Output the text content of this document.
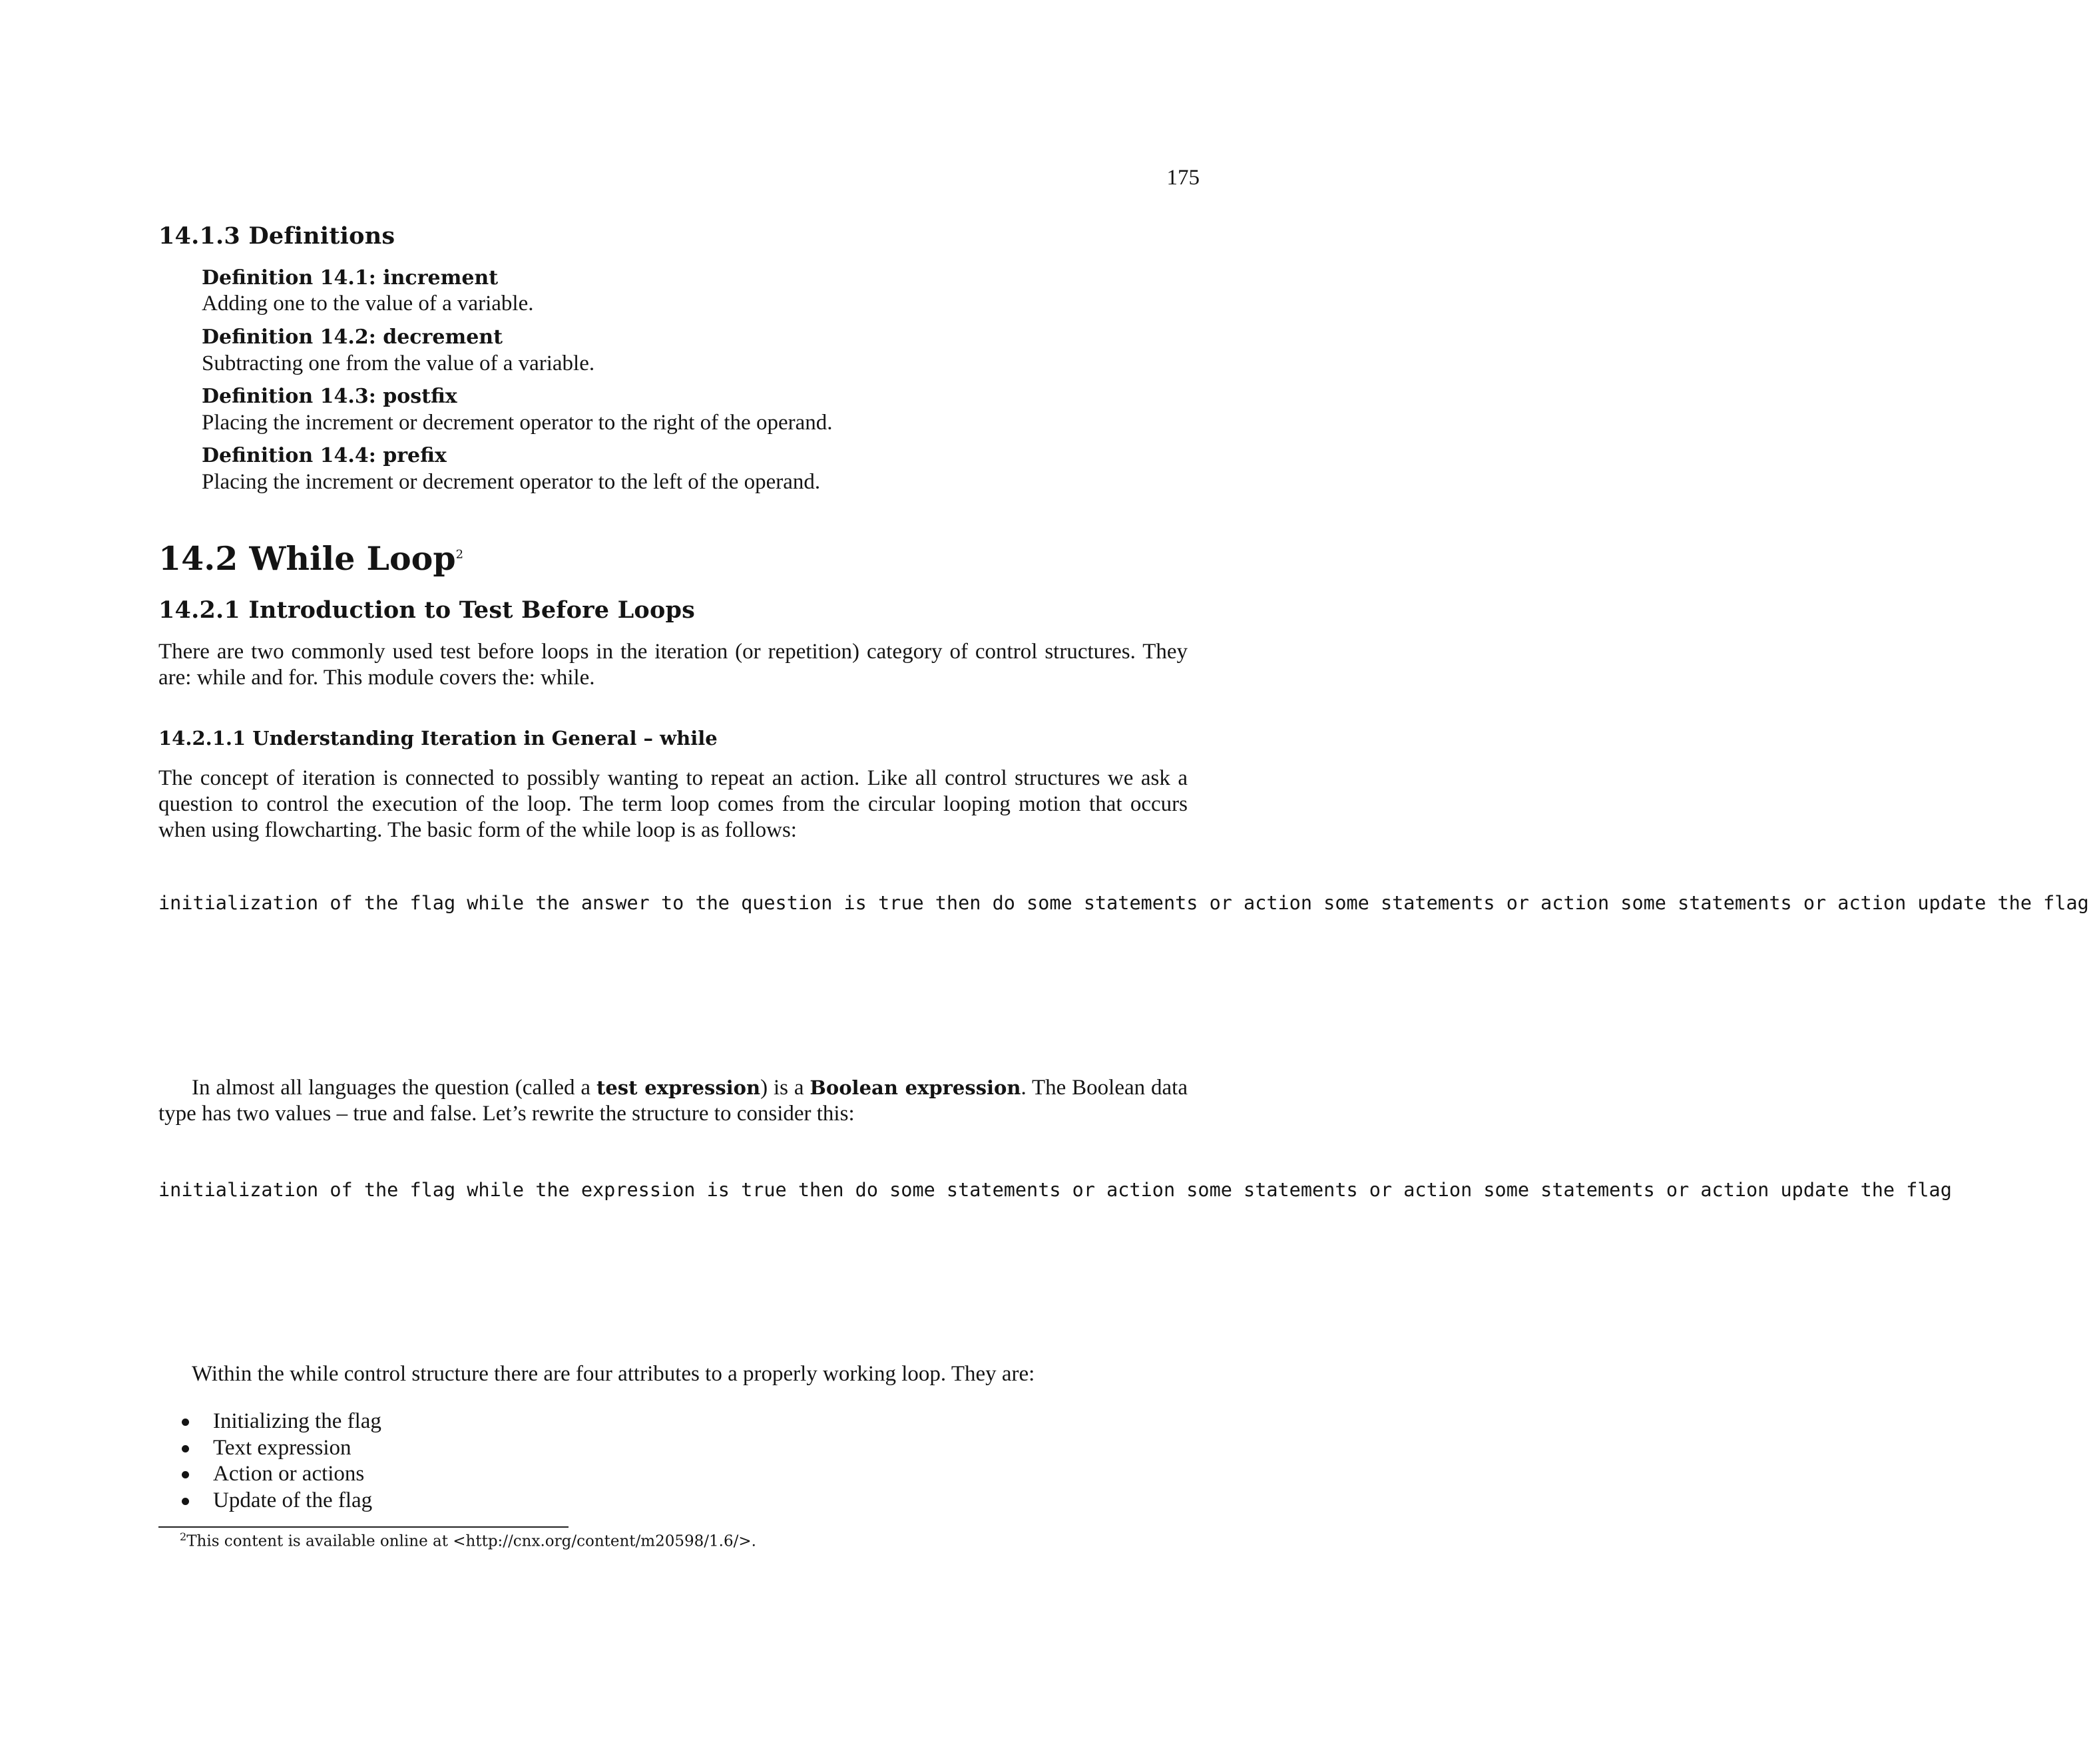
175
14.1.3 Definitions
Definition 14.1: increment
Adding one to the value of a variable.
Definition 14.2: decrement
Subtracting one from the value of a variable.
Definition 14.3: postfix
Placing the increment or decrement operator to the right of the operand.
Definition 14.4: prefix
Placing the increment or decrement operator to the left of the operand.
14.2 While Loop$^2$
14.2.1 Introduction to Test Before Loops
There are two commonly used test before loops in the iteration (or repetition) category of control structures. They are: while and for. This module covers the: while.
14.2.1.1 Understanding Iteration in General – while
The concept of iteration is connected to possibly wanting to repeat an action. Like all control structures we ask a question to control the execution of the loop. The term loop comes from the circular looping motion that occurs when using flowcharting. The basic form of the while loop is as follows:
initialization of the flag while the answer to the question is true then do some statements or action some statements or action some statements or action update the flag
In almost all languages the question (called a test expression) is a Boolean expression. The Boolean data type has two values – true and false. Let’s rewrite the structure to consider this:
initialization of the flag while the expression is true then do some statements or action some statements or action some statements or action update the flag
Within the while control structure there are four attributes to a properly working loop. They are:
Initializing the flag
Text expression
Action or actions
Update of the flag
$^2$This content is available online at <http://cnx.org/content/m20598/1.6/>.
